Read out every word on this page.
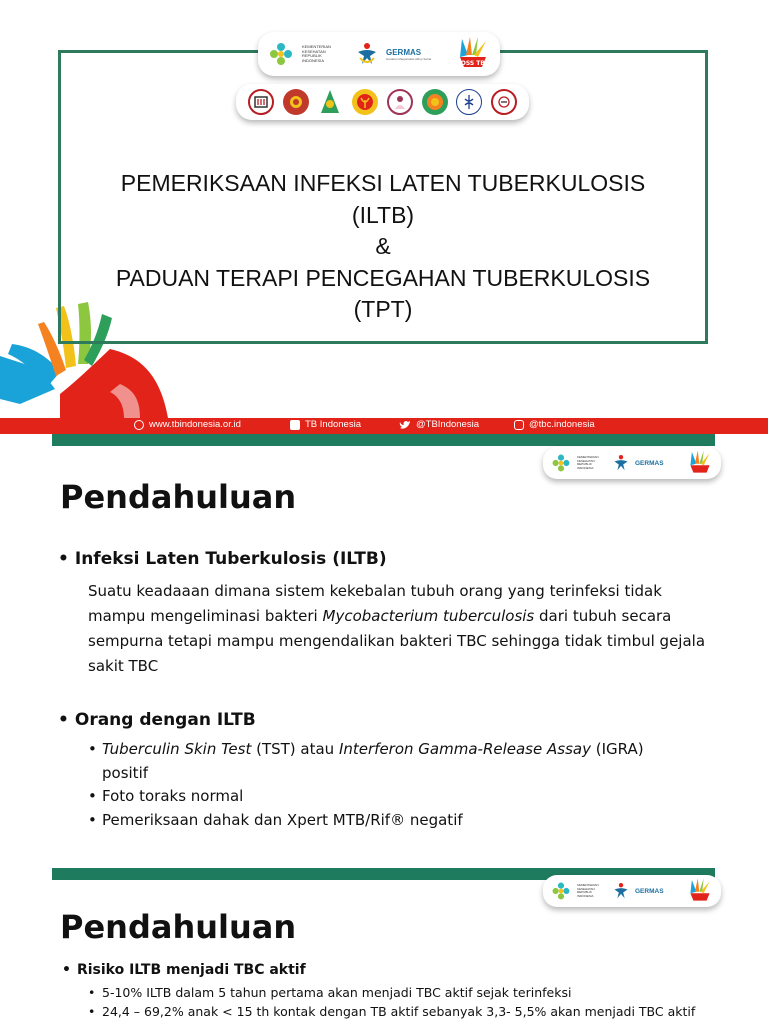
KEMENTERIAN KESEHATAN REPUBLIK INDONESIA
GERMAS
Gerakan Masyarakat Hidup Sehat
TOSS TBC
PEMERIKSAAN INFEKSI LATEN TUBERKULOSIS
(ILTB)
&
PADUAN TERAPI PENCEGAHAN TUBERKULOSIS
(TPT)
www.tbindonesia.or.id	TB Indonesia	@TBIndonesia	@tbc.indonesia
KEMENTERIAN KESEHATAN REPUBLIK INDONESIA
GERMAS
Pendahuluan
• Infeksi Laten Tuberkulosis (ILTB)

Suatu keadaaan dimana sistem kekebalan tubuh orang yang terinfeksi tidak mampu mengeliminasi bakteri Mycobacterium tuberculosis dari tubuh secara sempurna tetapi mampu mengendalikan bakteri TBC sehingga tidak timbul gejala sakit TBC

• Orang dengan ILTB
• Tuberculin Skin Test (TST) atau Interferon Gamma-Release Assay (IGRA)
positif
• Foto toraks normal
• Pemeriksaan dahak dan Xpert MTB/Rif® negatif
KEMENTERIAN KESEHATAN REPUBLIK INDONESIA
GERMAS
Pendahuluan
• Risiko ILTB menjadi TBC aktif
• 5-10% ILTB dalam 5 tahun pertama akan menjadi TBC aktif sejak terinfeksi
• 24,4 – 69,2% anak < 15 th kontak dengan TB aktif sebanyak 3,3- 5,5% akan menjadi TBC aktif
